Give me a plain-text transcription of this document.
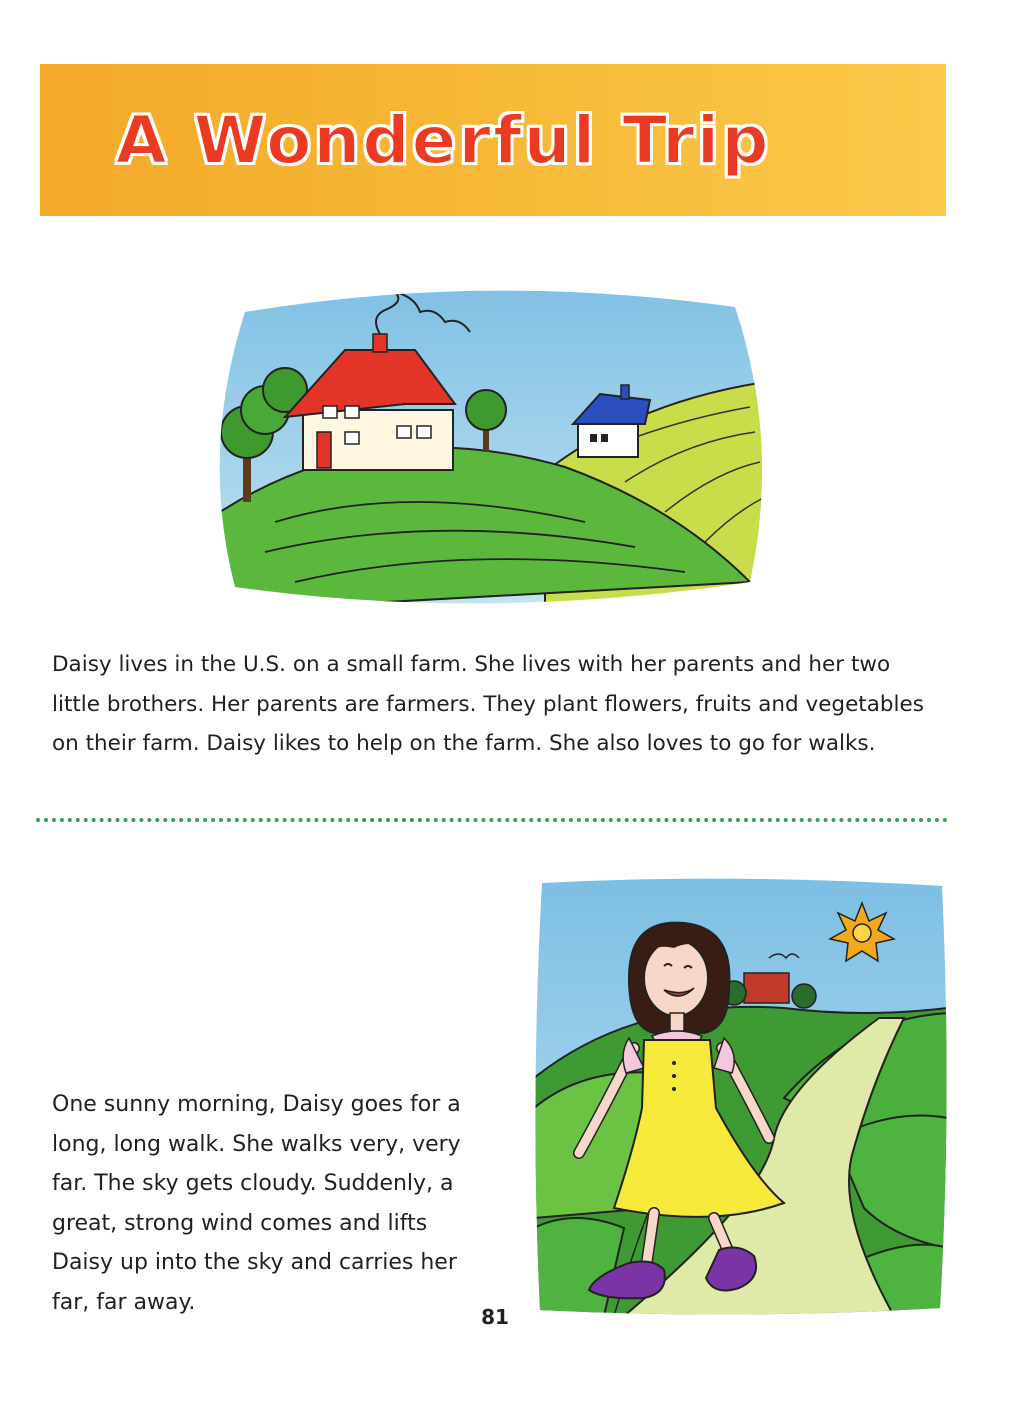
A Wonderful Trip

Daisy lives in the U.S. on a small farm. She lives with her parents and her two little brothers. Her parents are farmers. They plant flowers, fruits and vegetables on their farm. Daisy likes to help on the farm. She also loves to go for walks.

One sunny morning, Daisy goes for a long, long walk. She walks very, very far. The sky gets cloudy. Suddenly, a great, strong wind comes and lifts Daisy up into the sky and carries her far, far away.

81
